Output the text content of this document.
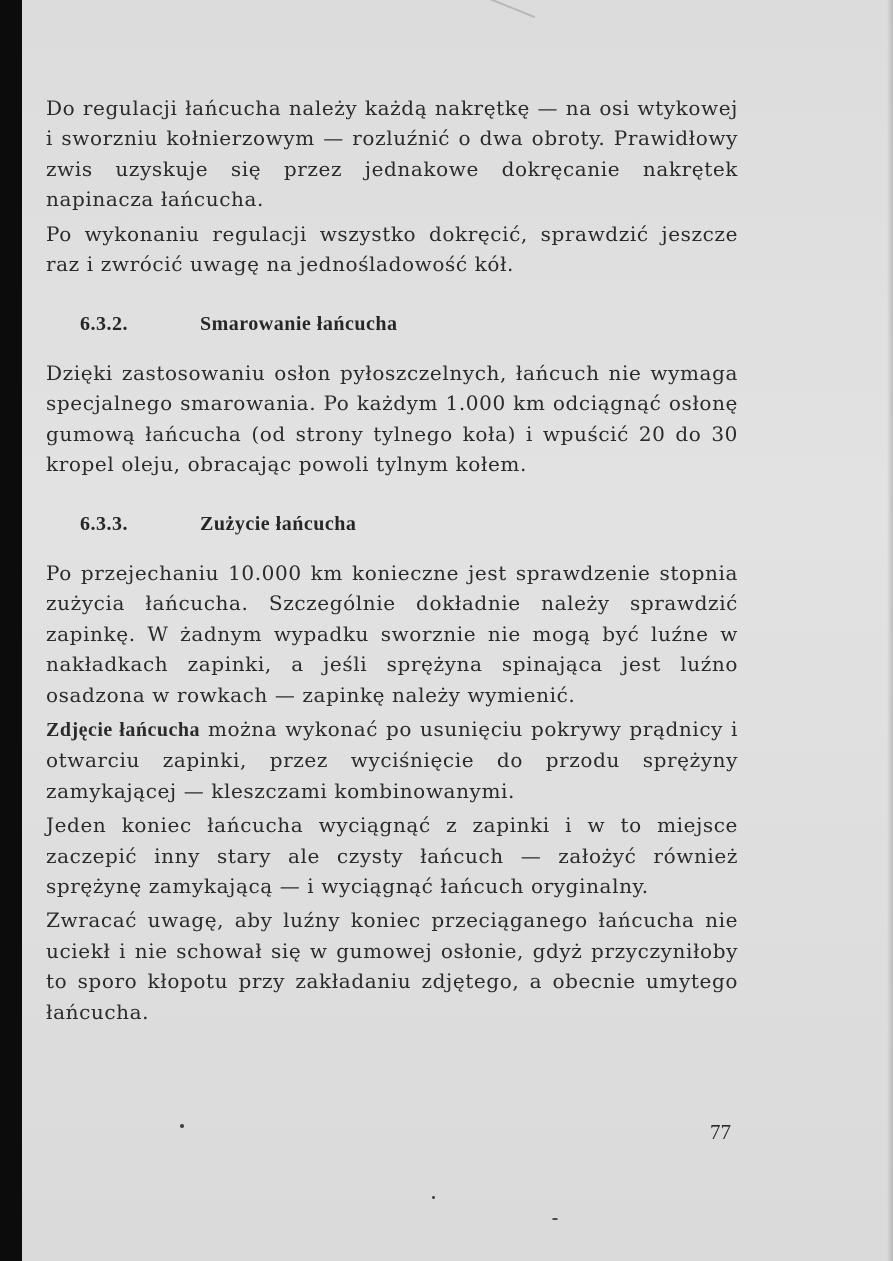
Do regulacji łańcucha należy każdą nakrętkę — na osi wtykowej i sworzniu kołnierzowym — rozluźnić o dwa obroty. Prawidłowy zwis uzyskuje się przez jednakowe dokręcanie nakrętek napinacza łańcucha.

Po wykonaniu regulacji wszystko dokręcić, sprawdzić jeszcze raz i zwrócić uwagę na jednośladowość kół.

6.3.2.	Smarowanie łańcucha

Dzięki zastosowaniu osłon pyłoszczelnych, łańcuch nie wymaga specjalnego smarowania. Po każdym 1.000 km odciągnąć osłonę gumową łańcucha (od strony tylnego koła) i wpuścić 20 do 30 kropel oleju, obracając powoli tylnym kołem.

6.3.3.	Zużycie łańcucha

Po przejechaniu 10.000 km konieczne jest sprawdzenie stopnia zużycia łańcucha. Szczególnie dokładnie należy sprawdzić zapinkę. W żadnym wypadku sworznie nie mogą być luźne w nakładkach zapinki, a jeśli sprężyna spinająca jest luźno osadzona w rowkach — zapinkę należy wymienić.

Zdjęcie łańcucha można wykonać po usunięciu pokrywy prądnicy i otwarciu zapinki, przez wyciśnięcie do przodu sprężyny zamykającej — kleszczami kombinowanymi.

Jeden koniec łańcucha wyciągnąć z zapinki i w to miejsce zaczepić inny stary ale czysty łańcuch — założyć również sprężynę zamykającą — i wyciągnąć łańcuch oryginalny.

Zwracać uwagę, aby luźny koniec przeciąganego łańcucha nie uciekł i nie schował się w gumowej osłonie, gdyż przyczyniłoby to sporo kłopotu przy zakładaniu zdjętego, a obecnie umytego łańcucha.

77
